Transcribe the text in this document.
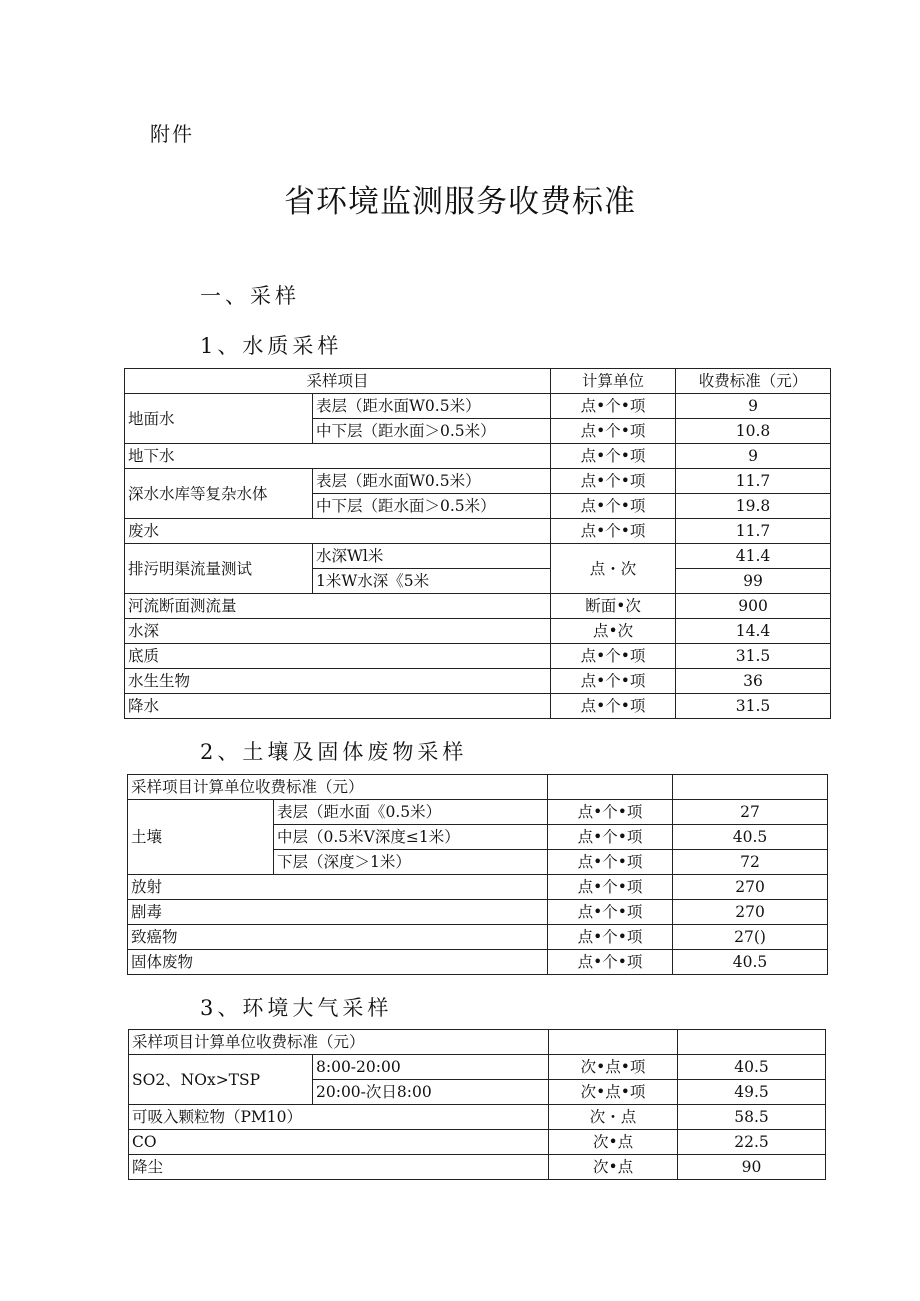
附件
省环境监测服务收费标准
一、采样
1、水质采样
采样项目		计算单位	收费标准（元）
地面水	表层（距水面W0.5米）	点•个•项	9
	中下层（距水面＞0.5米）	点•个•项	10.8
地下水		点•个•项	9
深水水库等复杂水体	表层（距水面W0.5米）	点•个•项	11.7
	中下层（距水面＞0.5米）	点•个•项	19.8
废水		点•个•项	11.7
排污明渠流量测试	水深Wl米	点・次	41.4
	1米W水深《5米		99
河流断面测流量		断面•次	900
水深		点•次	14.4
底质		点•个•项	31.5
水生生物		点•个•项	36
降水		点•个•项	31.5
2、土壤及固体废物采样
采样项目计算单位收费标准（元）			
土壤	表层（距水面《0.5米）	点•个•项	27
	中层（0.5米V深度≤1米）	点•个•项	40.5
	下层（深度＞1米）	点•个•项	72
放射		点•个•项	270
剧毒		点•个•项	270
致癌物		点•个•项	27()
固体废物		点•个•项	40.5
3、环境大气采样
采样项目计算单位收费标准（元）			
SO2、NOx>TSP	8:00-20:00	次•点•项	40.5
	20:00-次日8:00	次•点•项	49.5
可吸入颗粒物（PM10）		次・点	58.5
CO		次•点	22.5
降尘		次•点	90
